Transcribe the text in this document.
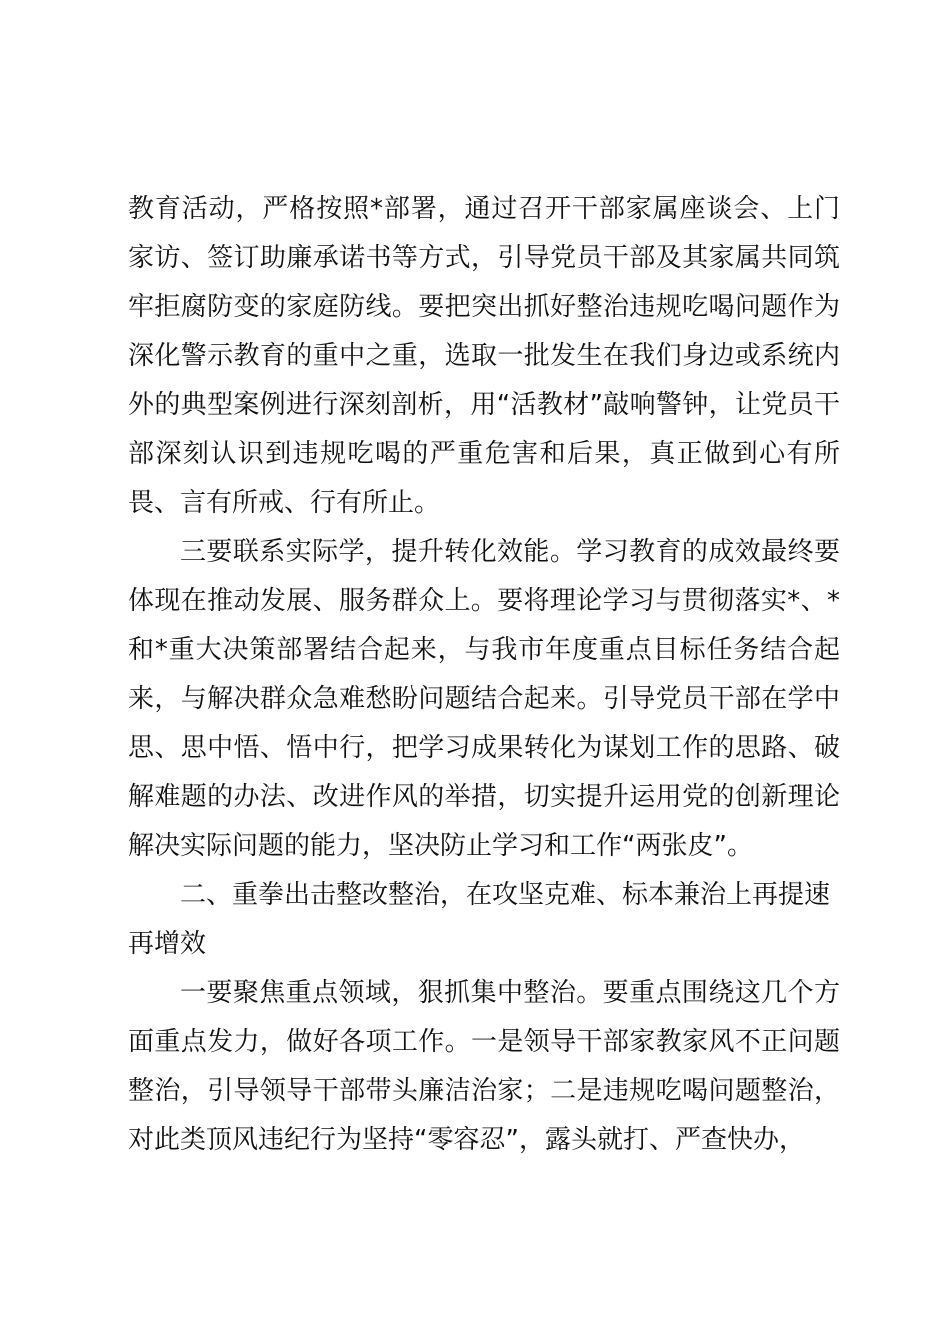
教育活动，严格按照*部署，通过召开干部家属座谈会、上门家访、签订助廉承诺书等方式，引导党员干部及其家属共同筑牢拒腐防变的家庭防线。要把突出抓好整治违规吃喝问题作为深化警示教育的重中之重，选取一批发生在我们身边或系统内外的典型案例进行深刻剖析，用“活教材”敲响警钟，让党员干部深刻认识到违规吃喝的严重危害和后果，真正做到心有所畏、言有所戒、行有所止。

三要联系实际学，提升转化效能。学习教育的成效最终要体现在推动发展、服务群众上。要将理论学习与贯彻落实*、*和*重大决策部署结合起来，与我市年度重点目标任务结合起来，与解决群众急难愁盼问题结合起来。引导党员干部在学中思、思中悟、悟中行，把学习成果转化为谋划工作的思路、破解难题的办法、改进作风的举措，切实提升运用党的创新理论解决实际问题的能力，坚决防止学习和工作“两张皮”。

二、重拳出击整改整治，在攻坚克难、标本兼治上再提速再增效

一要聚焦重点领域，狠抓集中整治。要重点围绕这几个方面重点发力，做好各项工作。一是领导干部家教家风不正问题整治，引导领导干部带头廉洁治家；二是违规吃喝问题整治，对此类顶风违纪行为坚持“零容忍”，露头就打、严查快办，
